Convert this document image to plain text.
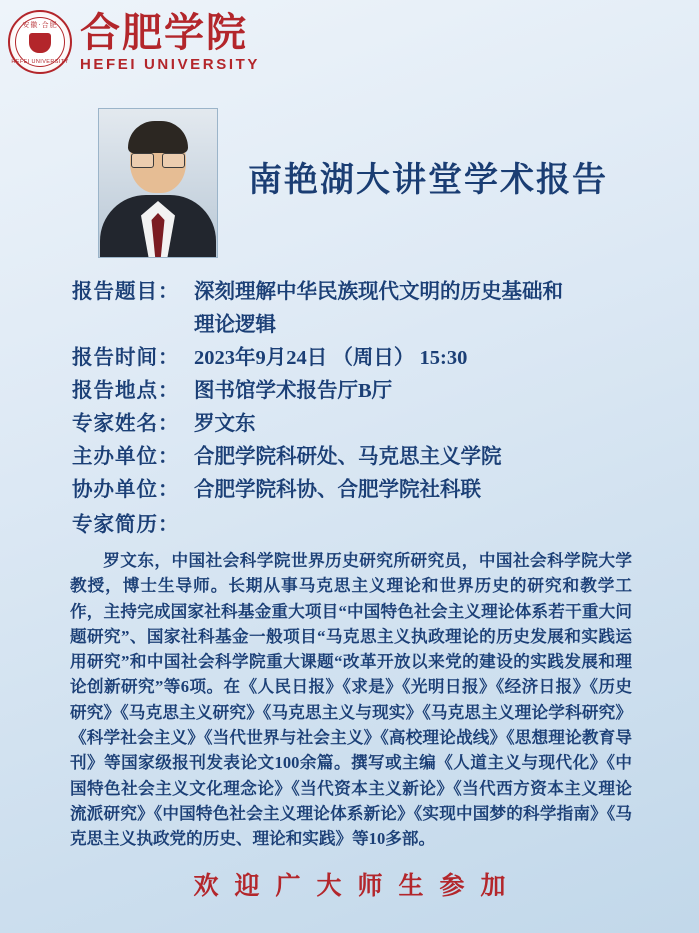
安徽·合肥
HEFEI UNIVERSITY
合肥学院
HEFEI UNIVERSITY
南艳湖大讲堂学术报告
报告题目： 深刻理解中华民族现代文明的历史基础和
理论逻辑
报告时间： 2023年9月24日 （周日） 15:30
报告地点： 图书馆学术报告厅B厅
专家姓名： 罗文东
主办单位： 合肥学院科研处、马克思主义学院
协办单位： 合肥学院科协、合肥学院社科联
专家简历：
罗文东，中国社会科学院世界历史研究所研究员，中国社会科学院大学教授，博士生导师。长期从事马克思主义理论和世界历史的研究和教学工作，主持完成国家社科基金重大项目“中国特色社会主义理论体系若干重大问题研究”、国家社科基金一般项目“马克思主义执政理论的历史发展和实践运用研究”和中国社会科学院重大课题“改革开放以来党的建设的实践发展和理论创新研究”等6项。在《人民日报》《求是》《光明日报》《经济日报》《历史研究》《马克思主义研究》《马克思主义与现实》《马克思主义理论学科研究》《科学社会主义》《当代世界与社会主义》《高校理论战线》《思想理论教育导刊》等国家级报刊发表论文100余篇。撰写或主编《人道主义与现代化》《中国特色社会主义文化理念论》《当代资本主义新论》《当代西方资本主义理论流派研究》《中国特色社会主义理论体系新论》《实现中国梦的科学指南》《马克思主义执政党的历史、理论和实践》等10多部。
欢迎广大师生参加
